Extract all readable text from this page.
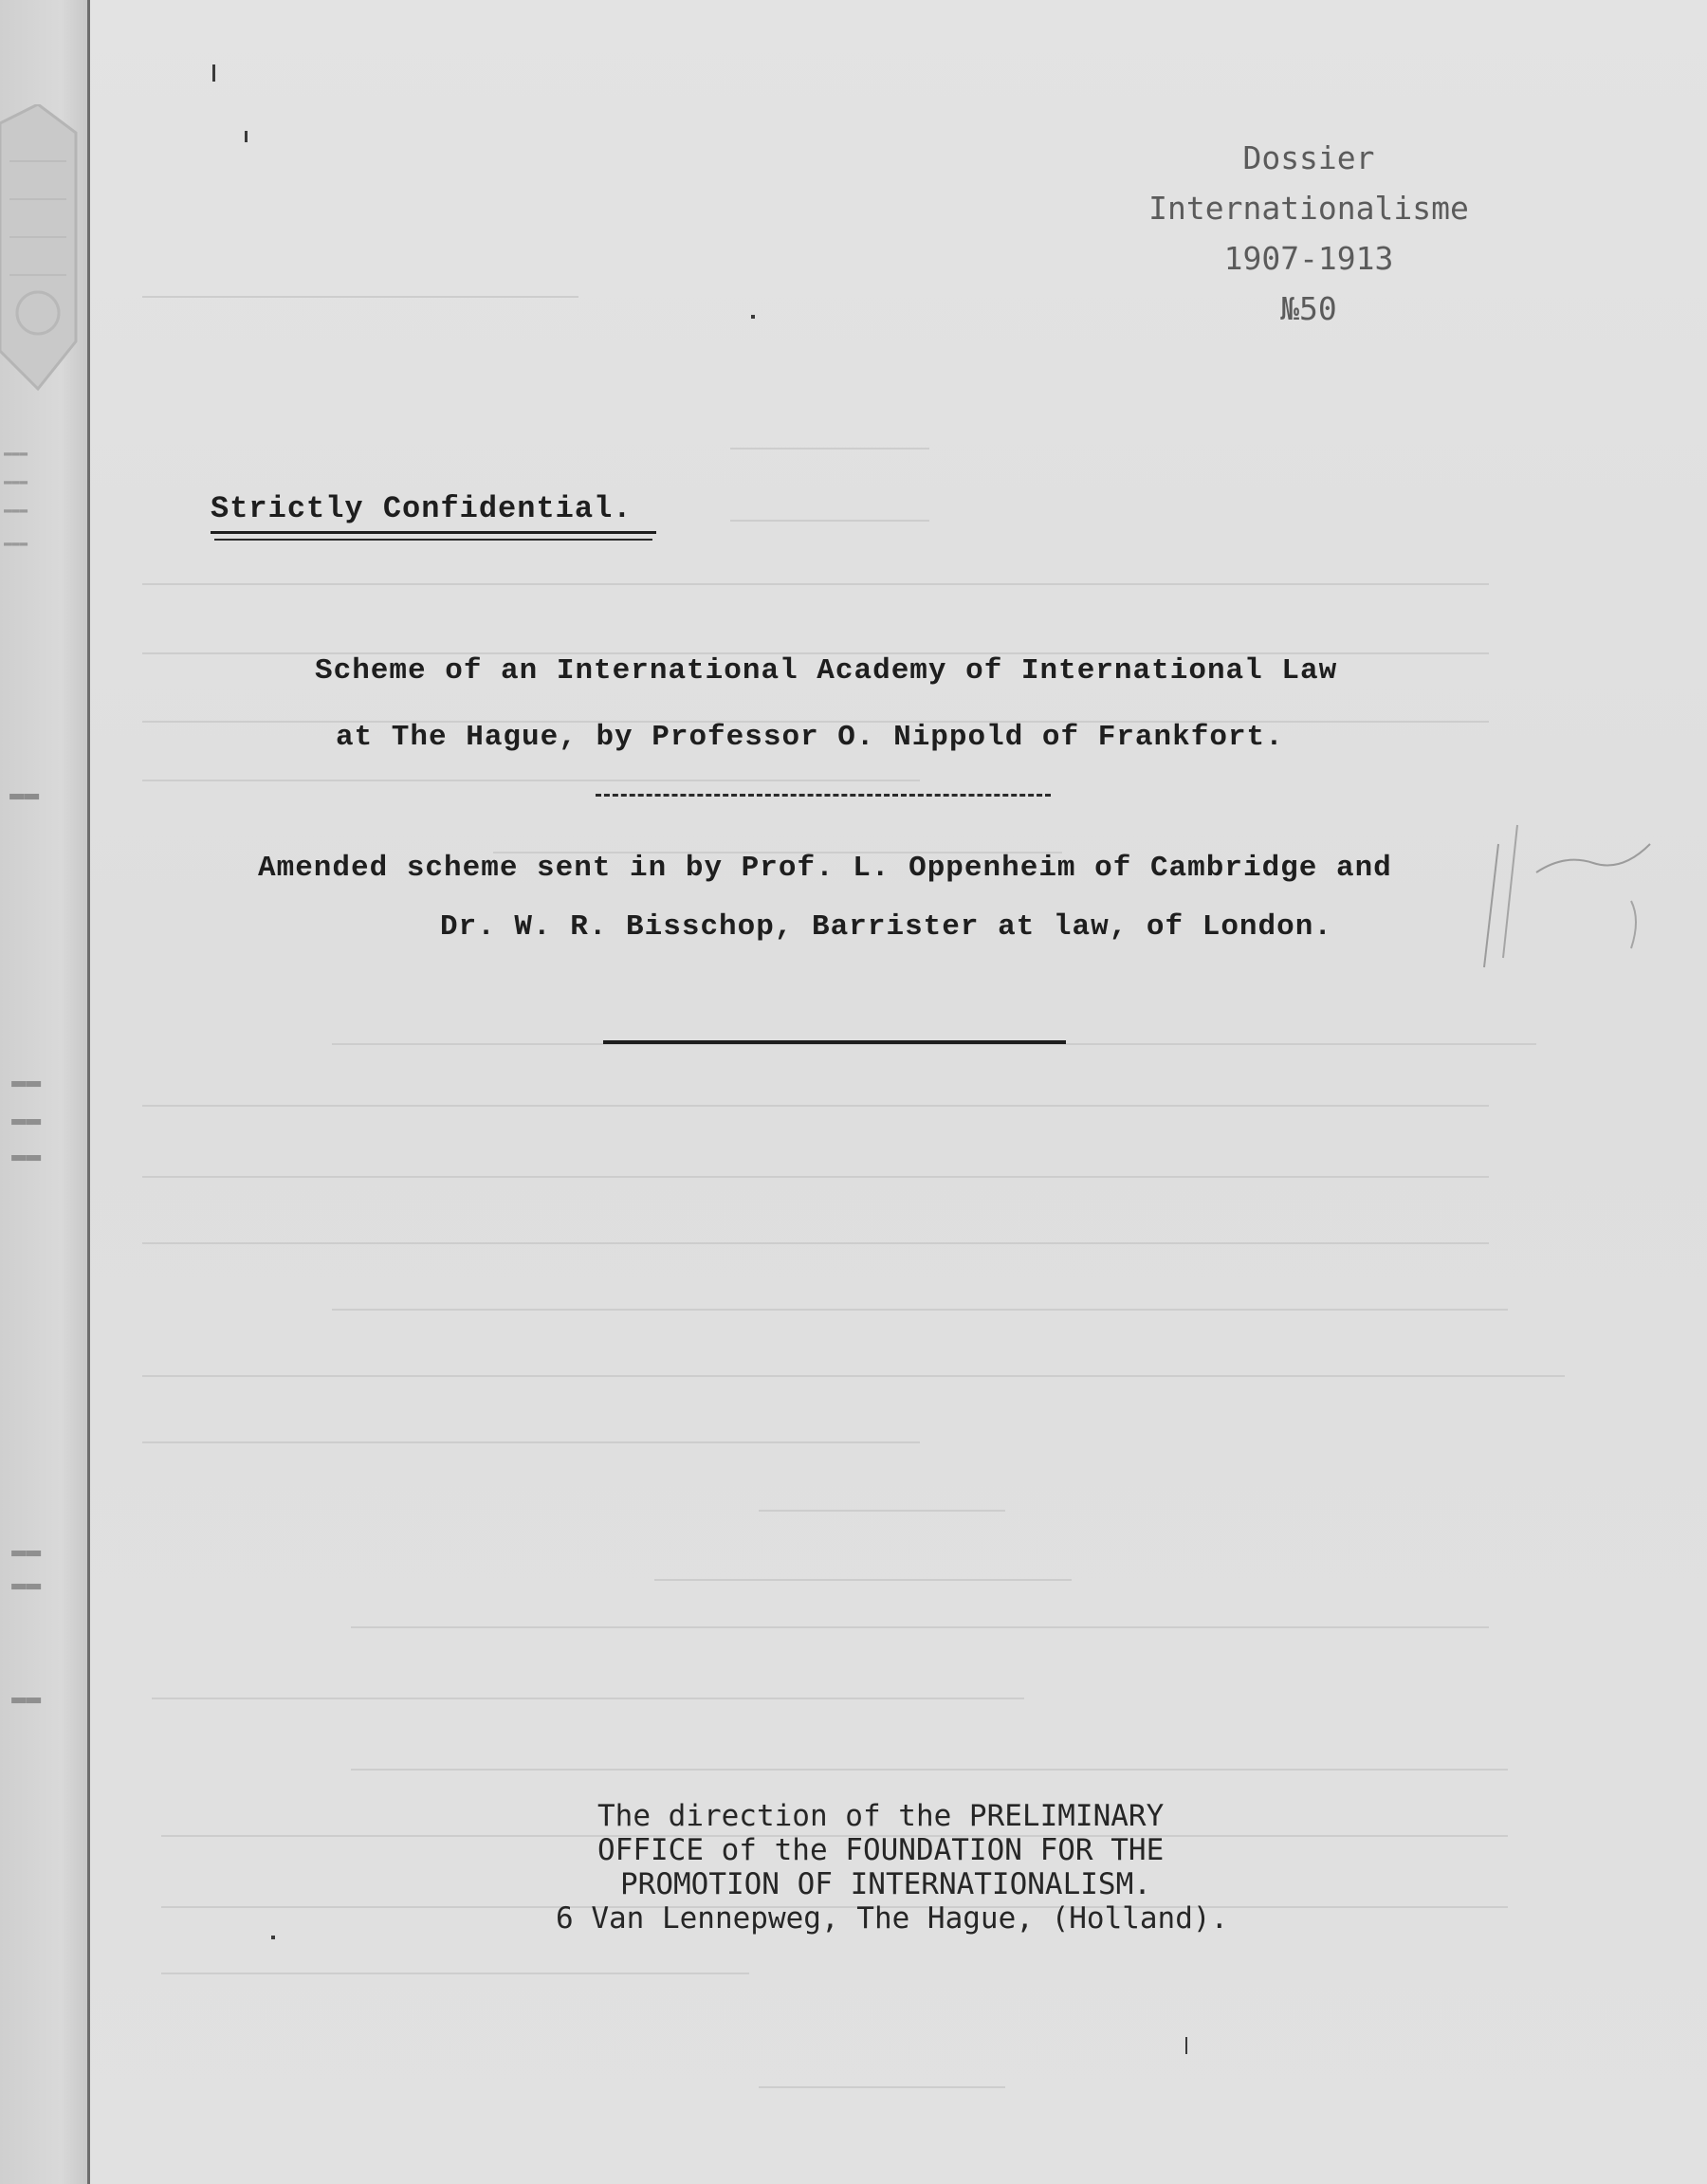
▬▬▬
▬▬▬
▬▬▬
▬▬▬
▬▬
▬▬
▬▬
▬▬
▬▬
▬▬
▬▬
Dossier
Internationalisme
1907-1913
№50
Strictly Confidential.
Scheme of an International Academy of International Law
at The Hague, by Professor O. Nippold of Frankfort.
Amended scheme sent in by Prof. L. Oppenheim of Cambridge and
Dr. W. R. Bisschop, Barrister at law, of London.
The direction of the PRELIMINARY
OFFICE of the FOUNDATION FOR THE
PROMOTION OF INTERNATIONALISM.
6 Van Lennepweg, The Hague, (Holland).
